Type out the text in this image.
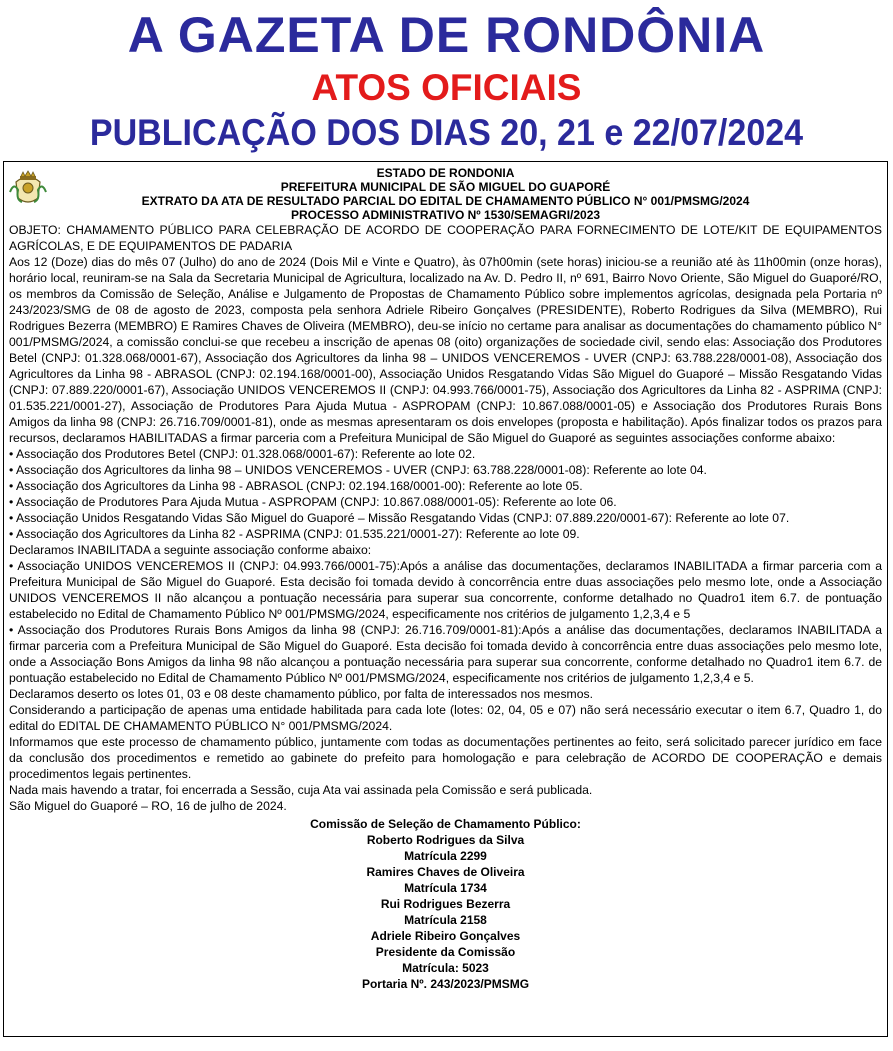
A GAZETA DE RONDÔNIA
ATOS OFICIAIS
PUBLICAÇÃO DOS DIAS 20, 21 e 22/07/2024
ESTADO DE RONDONIA
PREFEITURA MUNICIPAL DE SÃO MIGUEL DO GUAPORÉ
EXTRATO DA ATA DE RESULTADO PARCIAL DO EDITAL DE CHAMAMENTO PÚBLICO N° 001/PMSMG/2024
PROCESSO ADMINISTRATIVO Nº 1530/SEMAGRI/2023

OBJETO: CHAMAMENTO PÚBLICO PARA CELEBRAÇÃO DE ACORDO DE COOPERAÇÃO PARA FORNECIMENTO DE LOTE/KIT DE EQUIPAMENTOS AGRÍCOLAS, E DE EQUIPAMENTOS DE PADARIA

Aos 12 (Doze) dias do mês 07 (Julho) do ano de 2024 (Dois Mil e Vinte e Quatro), às 07h00min (sete horas) iniciou-se a reunião até às 11h00min (onze horas), horário local, reuniram-se na Sala da Secretaria Municipal de Agricultura, localizado na Av. D. Pedro II, nº 691, Bairro Novo Oriente, São Miguel do Guaporé/RO, os membros da Comissão de Seleção, Análise e Julgamento de Propostas de Chamamento Público sobre implementos agrícolas, designada pela Portaria nº 243/2023/SMG de 08 de agosto de 2023, composta pela senhora Adriele Ribeiro Gonçalves (PRESIDENTE), Roberto Rodrigues da Silva (MEMBRO), Rui Rodrigues Bezerra (MEMBRO) E Ramires Chaves de Oliveira (MEMBRO), deu-se início no certame para analisar as documentações do chamamento público N° 001/PMSMG/2024, a comissão conclui-se que recebeu a inscrição de apenas 08 (oito) organizações de sociedade civil, sendo elas: Associação dos Produtores Betel (CNPJ: 01.328.068/0001-67), Associação dos Agricultores da linha 98 – UNIDOS VENCEREMOS - UVER (CNPJ: 63.788.228/0001-08), Associação dos Agricultores da Linha 98 - ABRASOL (CNPJ: 02.194.168/0001-00), Associação Unidos Resgatando Vidas São Miguel do Guaporé – Missão Resgatando Vidas (CNPJ: 07.889.220/0001-67), Associação UNIDOS VENCEREMOS II (CNPJ: 04.993.766/0001-75), Associação dos Agricultores da Linha 82 - ASPRIMA (CNPJ: 01.535.221/0001-27), Associação de Produtores Para Ajuda Mutua - ASPROPAM (CNPJ: 10.867.088/0001-05) e Associação dos Produtores Rurais Bons Amigos da linha 98 (CNPJ: 26.716.709/0001-81), onde as mesmas apresentaram os dois envelopes (proposta e habilitação). Após finalizar todos os prazos para recursos, declaramos HABILITADAS a firmar parceria com a Prefeitura Municipal de São Miguel do Guaporé as seguintes associações conforme abaixo:

• Associação dos Produtores Betel (CNPJ: 01.328.068/0001-67): Referente ao lote 02.

• Associação dos Agricultores da linha 98 – UNIDOS VENCEREMOS - UVER (CNPJ: 63.788.228/0001-08): Referente ao lote 04.

• Associação dos Agricultores da Linha 98 - ABRASOL (CNPJ: 02.194.168/0001-00): Referente ao lote 05.

• Associação de Produtores Para Ajuda Mutua - ASPROPAM (CNPJ: 10.867.088/0001-05): Referente ao lote 06.

• Associação Unidos Resgatando Vidas São Miguel do Guaporé – Missão Resgatando Vidas (CNPJ: 07.889.220/0001-67): Referente ao lote 07.

• Associação dos Agricultores da Linha 82 - ASPRIMA (CNPJ: 01.535.221/0001-27): Referente ao lote 09.

Declaramos INABILITADA a seguinte associação conforme abaixo:

• Associação UNIDOS VENCEREMOS II (CNPJ: 04.993.766/0001-75):Após a análise das documentações, declaramos INABILITADA a firmar parceria com a Prefeitura Municipal de São Miguel do Guaporé. Esta decisão foi tomada devido à concorrência entre duas associações pelo mesmo lote, onde a Associação UNIDOS VENCEREMOS II não alcançou a pontuação necessária para superar sua concorrente, conforme detalhado no Quadro1 item 6.7. de pontuação estabelecido no Edital de Chamamento Público Nº 001/PMSMG/2024, especificamente nos critérios de julgamento 1,2,3,4 e 5

• Associação dos Produtores Rurais Bons Amigos da linha 98 (CNPJ: 26.716.709/0001-81):Após a análise das documentações, declaramos INABILITADA a firmar parceria com a Prefeitura Municipal de São Miguel do Guaporé. Esta decisão foi tomada devido à concorrência entre duas associações pelo mesmo lote, onde a Associação Bons Amigos da linha 98 não alcançou a pontuação necessária para superar sua concorrente, conforme detalhado no Quadro1 item 6.7. de pontuação estabelecido no Edital de Chamamento Público Nº 001/PMSMG/2024, especificamente nos critérios de julgamento 1,2,3,4 e 5.

Declaramos deserto os lotes 01, 03 e 08 deste chamamento público, por falta de interessados nos mesmos.

Considerando a participação de apenas uma entidade habilitada para cada lote (lotes: 02, 04, 05 e 07) não será necessário executar o item 6.7, Quadro 1, do edital do EDITAL DE CHAMAMENTO PÚBLICO N° 001/PMSMG/2024.

Informamos que este processo de chamamento público, juntamente com todas as documentações pertinentes ao feito, será solicitado parecer jurídico em face da conclusão dos procedimentos e remetido ao gabinete do prefeito para homologação e para celebração de ACORDO DE COOPERAÇÃO e demais procedimentos legais pertinentes.

Nada mais havendo a tratar, foi encerrada a Sessão, cuja Ata vai assinada pela Comissão e será publicada.

São Miguel do Guaporé – RO, 16 de julho de 2024.

Comissão de Seleção de Chamamento Público:
Roberto Rodrigues da Silva
Matrícula 2299
Ramires Chaves de Oliveira
Matrícula 1734
Rui Rodrigues Bezerra
Matrícula 2158
Adriele Ribeiro Gonçalves
Presidente da Comissão
Matrícula: 5023
Portaria Nº. 243/2023/PMSMG
